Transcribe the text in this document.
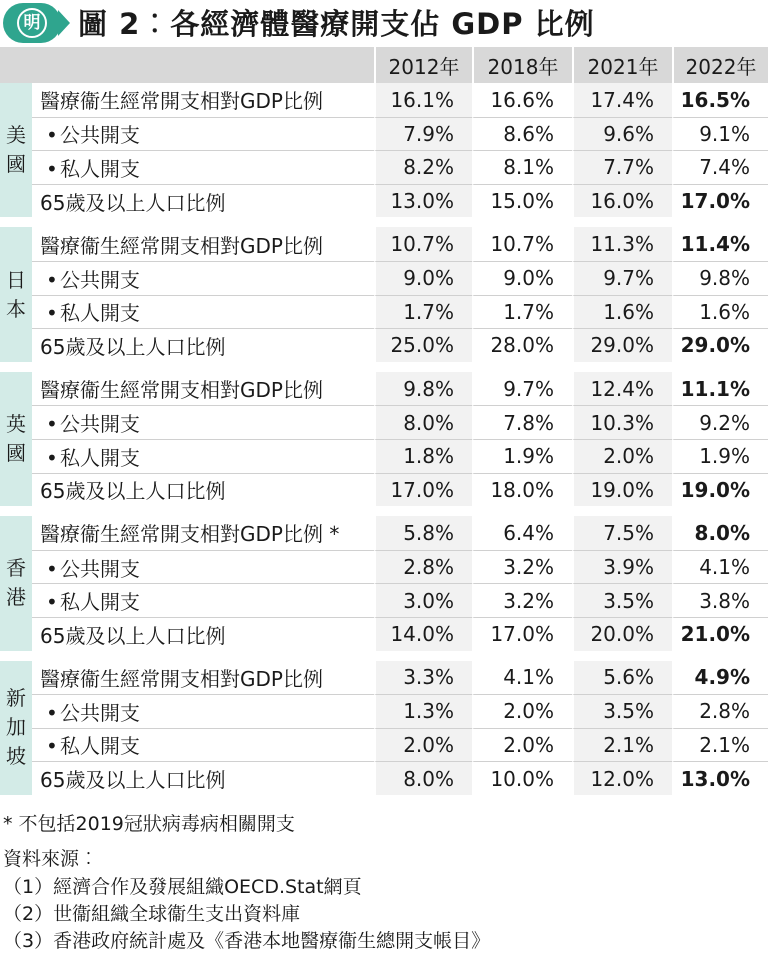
明 圖 2︰各經濟體醫療開支佔 GDP 比例
		2012年	2018年	2021年	2022年
美
國	醫療衞生經常開支相對GDP比例	16.1%	16.6%	17.4%	16.5%
	• 公共開支	7.9%	8.6%	9.6%	9.1%
	• 私人開支	8.2%	8.1%	7.7%	7.4%
	65歲及以上人口比例	13.0%	15.0%	16.0%	17.0%

日
本	醫療衞生經常開支相對GDP比例	10.7%	10.7%	11.3%	11.4%
	• 公共開支	9.0%	9.0%	9.7%	9.8%
	• 私人開支	1.7%	1.7%	1.6%	1.6%
	65歲及以上人口比例	25.0%	28.0%	29.0%	29.0%

英
國	醫療衞生經常開支相對GDP比例	9.8%	9.7%	12.4%	11.1%
	• 公共開支	8.0%	7.8%	10.3%	9.2%
	• 私人開支	1.8%	1.9%	2.0%	1.9%
	65歲及以上人口比例	17.0%	18.0%	19.0%	19.0%

香
港	醫療衞生經常開支相對GDP比例 *	5.8%	6.4%	7.5%	8.0%
	• 公共開支	2.8%	3.2%	3.9%	4.1%
	• 私人開支	3.0%	3.2%	3.5%	3.8%
	65歲及以上人口比例	14.0%	17.0%	20.0%	21.0%

新
加
坡	醫療衞生經常開支相對GDP比例	3.3%	4.1%	5.6%	4.9%
	• 公共開支	1.3%	2.0%	3.5%	2.8%
	• 私人開支	2.0%	2.0%	2.1%	2.1%
	65歲及以上人口比例	8.0%	10.0%	12.0%	13.0%
* 不包括2019冠狀病毒病相關開支
資料來源︰
（1）經濟合作及發展組織OECD.Stat網頁
（2）世衞組織全球衞生支出資料庫
（3）香港政府統計處及《香港本地醫療衞生總開支帳目》
